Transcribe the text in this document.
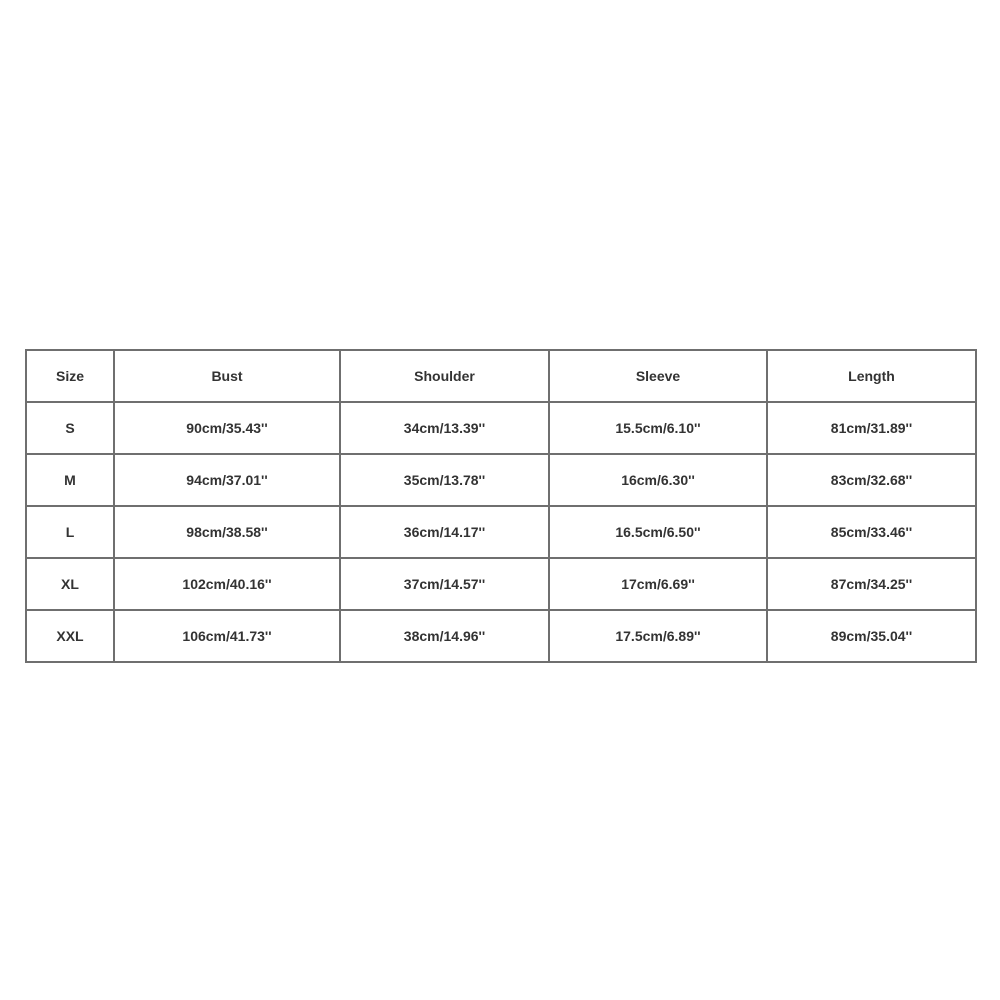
Size	Bust	Shoulder	Sleeve	Length
S	90cm/35.43''	34cm/13.39''	15.5cm/6.10''	81cm/31.89''
M	94cm/37.01''	35cm/13.78''	16cm/6.30''	83cm/32.68''
L	98cm/38.58''	36cm/14.17''	16.5cm/6.50''	85cm/33.46''
XL	102cm/40.16''	37cm/14.57''	17cm/6.69''	87cm/34.25''
XXL	106cm/41.73''	38cm/14.96''	17.5cm/6.89''	89cm/35.04''
